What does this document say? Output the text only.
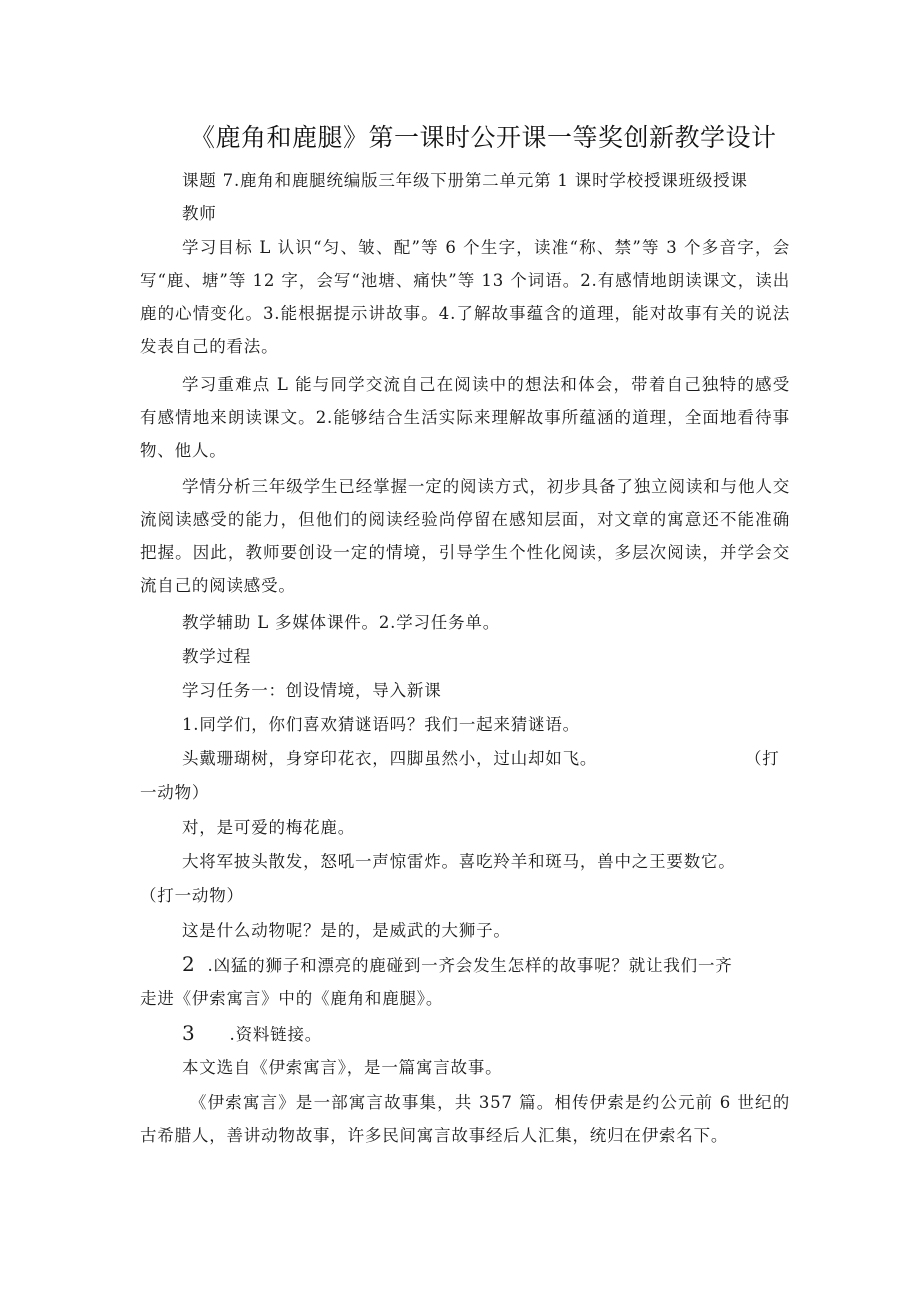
《鹿角和鹿腿》第一课时公开课一等奖创新教学设计

课题 7.鹿角和鹿腿统编版三年级下册第二单元第 1 课时学校授课班级授课

教师

学习目标 L 认识“匀、皱、配”等 6 个生字，读准“称、禁”等 3 个多音字，会写“鹿、塘”等 12 字，会写“池塘、痛快”等 13 个词语。2.有感情地朗读课文，读出鹿的心情变化。3.能根据提示讲故事。4.了解故事蕴含的道理，能对故事有关的说法发表自己的看法。

学习重难点 L 能与同学交流自己在阅读中的想法和体会，带着自己独特的感受有感情地来朗读课文。2.能够结合生活实际来理解故事所蕴涵的道理，全面地看待事物、他人。

学情分析三年级学生已经掌握一定的阅读方式，初步具备了独立阅读和与他人交流阅读感受的能力，但他们的阅读经验尚停留在感知层面，对文章的寓意还不能准确把握。因此，教师要创设一定的情境，引导学生个性化阅读，多层次阅读，并学会交流自己的阅读感受。

教学辅助 L 多媒体课件。2.学习任务单。

教学过程

学习任务一：创设情境，导入新课

1.同学们，你们喜欢猜谜语吗？我们一起来猜谜语。

头戴珊瑚树，身穿印花衣，四脚虽然小，过山却如飞。	（打

一动物）

对，是可爱的梅花鹿。

大将军披头散发，怒吼一声惊雷炸。喜吃羚羊和斑马，兽中之王要数它。

（打一动物）

这是什么动物呢？是的，是威武的大狮子。

2 .凶猛的狮子和漂亮的鹿碰到一齐会发生怎样的故事呢？就让我们一齐

走进《伊索寓言》中的《鹿角和鹿腿》。

3 .资料链接。

本文选自《伊索寓言》，是一篇寓言故事。

《伊索寓言》是一部寓言故事集，共 357 篇。相传伊索是约公元前 6 世纪的古希腊人，善讲动物故事，许多民间寓言故事经后人汇集，统归在伊索名下。
